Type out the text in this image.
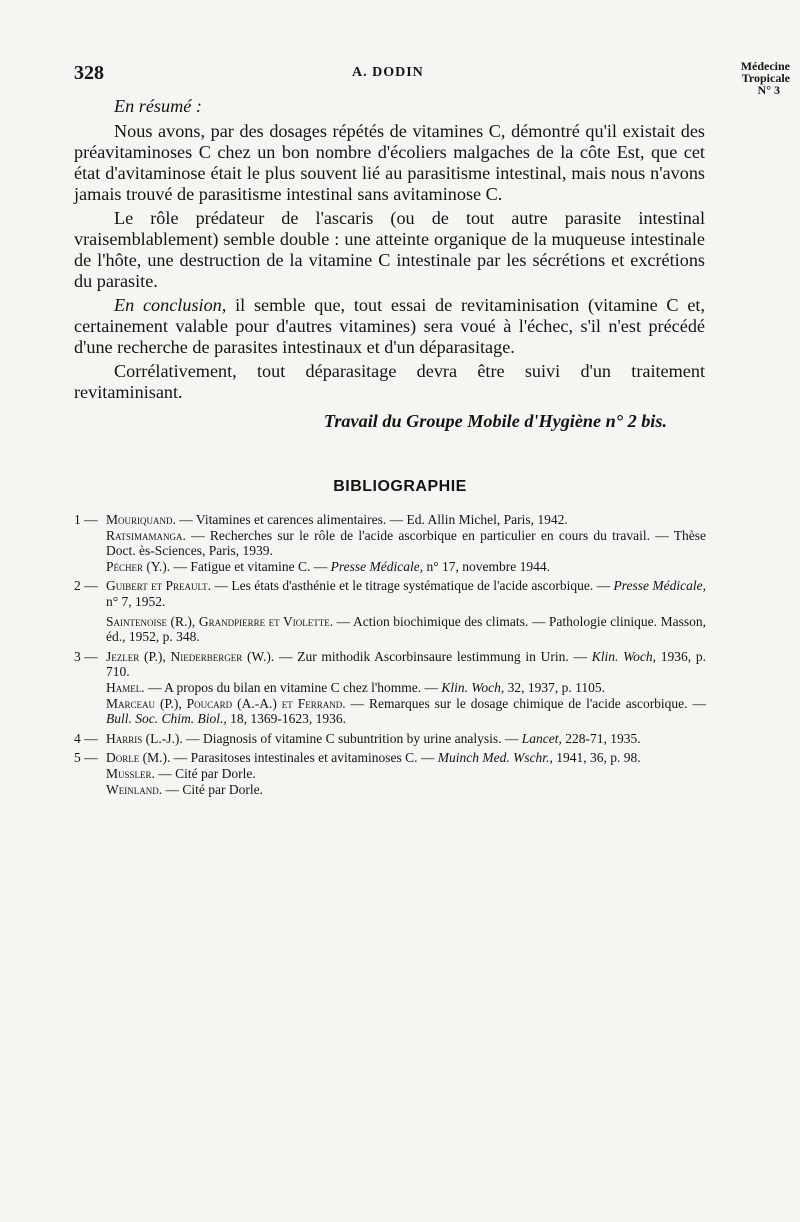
328	A. DODIN	Médecine
Tropicale
N° 3

En résumé :

Nous avons, par des dosages répétés de vitamines C, démontré qu'il existait des préavitaminoses C chez un bon nombre d'écoliers malgaches de la côte Est, que cet état d'avitaminose était le plus souvent lié au parasitisme intestinal, mais nous n'avons jamais trouvé de parasitisme intestinal sans avitaminose C.

Le rôle prédateur de l'ascaris (ou de tout autre parasite intestinal vraisemblablement) semble double : une atteinte organique de la muqueuse intestinale de l'hôte, une destruction de la vitamine C intestinale par les sécrétions et excrétions du parasite.

En conclusion, il semble que, tout essai de revitaminisation (vitamine C et, certainement valable pour d'autres vitamines) sera voué à l'échec, s'il n'est précédé d'une recherche de parasites intestinaux et d'un déparasitage.

Corrélativement, tout déparasitage devra être suivi d'un traitement revitaminisant.

Travail du Groupe Mobile d'Hygiène n° 2 bis.

BIBLIOGRAPHIE
1 — Mouriquand. — Vitamines et carences alimentaires. — Ed. Allin Michel, Paris, 1942.
Ratsimamanga. — Recherches sur le rôle de l'acide ascorbique en particulier en cours du travail. — Thèse Doct. ès-Sciences, Paris, 1939.
Pécher (Y.). — Fatigue et vitamine C. — Presse Médicale, n° 17, novembre 1944.
2 — Guibert et Preault. — Les états d'asthénie et le titrage systématique de l'acide ascorbique. — Presse Médicale, n° 7, 1952.
Saintenoise (R.), Grandpierre et Violette. — Action biochimique des climats. — Pathologie clinique. Masson, éd., 1952, p. 348.
3 — Jezler (P.), Niederberger (W.). — Zur mithodik Ascorbinsaure lestimmung in Urin. — Klin. Woch, 1936, p. 710.
Hamel. — A propos du bilan en vitamine C chez l'homme. — Klin. Woch, 32, 1937, p. 1105.
Marceau (P.), Poucard (A.-A.) et Ferrand. — Remarques sur le dosage chimique de l'acide ascorbique. — Bull. Soc. Chim. Biol., 18, 1369-1623, 1936.
4 — Harris (L.-J.). — Diagnosis of vitamine C subuntrition by urine analysis. — Lancet, 228-71, 1935.
5 — Dorle (M.). — Parasitoses intestinales et avitaminoses C. — Muinch Med. Wschr., 1941, 36, p. 98.
Mussler. — Cité par Dorle.
Weinland. — Cité par Dorle.
